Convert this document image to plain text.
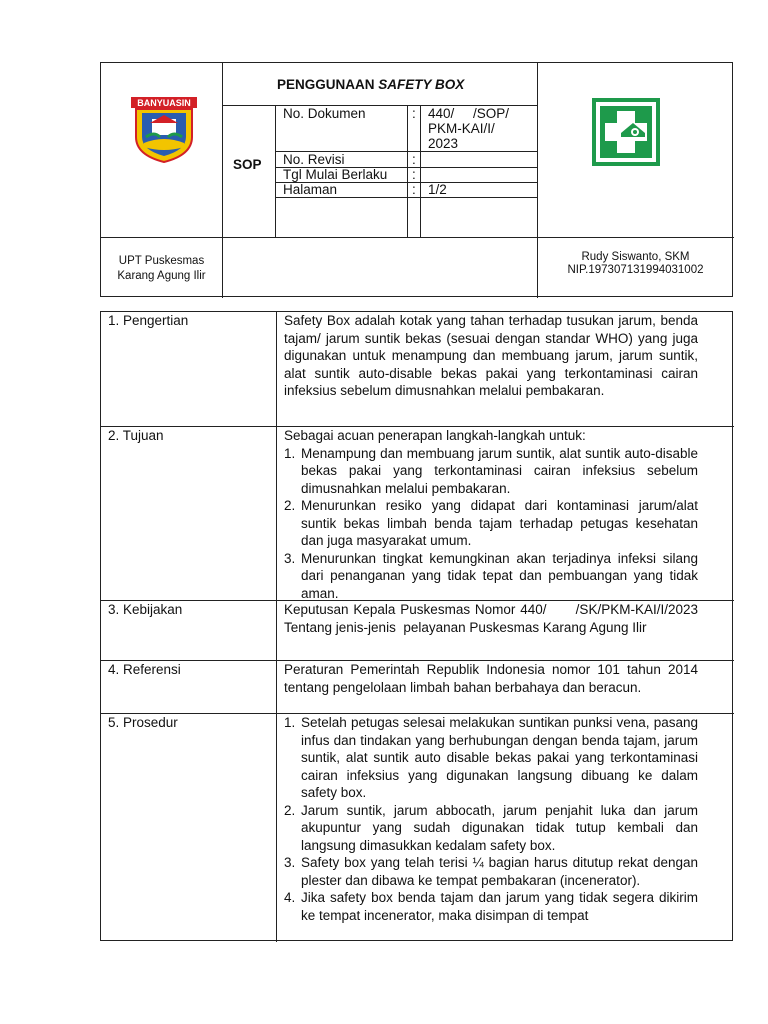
BANYUASIN
PENGGUNAAN SAFETY BOX
SOP
No. Dokumen	: 440/     /SOP/
PKM-KAI/I/
2023
No. Revisi	:
Tgl Mulai Berlaku :
Halaman	: 1/2
UPT Puskesmas
Karang Agung Ilir
Rudy Siswanto, SKM
NIP.197307131994031002
1. Pengertian	Safety Box adalah kotak yang tahan terhadap tusukan jarum, benda tajam/ jarum suntik bekas (sesuai dengan standar WHO) yang juga digunakan untuk menampung dan membuang jarum, jarum suntik, alat suntik auto-disable bekas pakai yang terkontaminasi cairan infeksius sebelum dimusnahkan melalui pembakaran.
2. Tujuan	Sebagai acuan penerapan langkah-langkah untuk:
1. Menampung dan membuang jarum suntik, alat suntik auto-disable bekas pakai yang terkontaminasi cairan infeksius sebelum dimusnahkan melalui pembakaran.
2. Menurunkan resiko yang didapat dari kontaminasi jarum/alat suntik bekas limbah benda tajam terhadap petugas kesehatan dan juga masyarakat umum.
3. Menurunkan tingkat kemungkinan akan terjadinya infeksi silang dari penanganan yang tidak tepat dan pembuangan yang tidak aman.
3. Kebijakan	Keputusan Kepala Puskesmas Nomor 440/      /SK/PKM-KAI/I/2023 Tentang jenis-jenis  pelayanan Puskesmas Karang Agung Ilir
4. Referensi	Peraturan Pemerintah Republik Indonesia nomor 101 tahun 2014 tentang pengelolaan limbah bahan berbahaya dan beracun.
5. Prosedur	1. Setelah petugas selesai melakukan suntikan punksi vena, pasang infus dan tindakan yang berhubungan dengan benda tajam, jarum suntik, alat suntik auto disable bekas pakai yang terkontaminasi cairan infeksius yang digunakan langsung dibuang ke dalam safety box.
2. Jarum suntik, jarum abbocath, jarum penjahit luka dan jarum akupuntur yang sudah digunakan tidak tutup kembali dan langsung dimasukkan kedalam safety box.
3. Safety box yang telah terisi ¼ bagian harus ditutup rekat dengan plester dan dibawa ke tempat pembakaran (incenerator).
4. Jika safety box benda tajam dan jarum yang tidak segera dikirim ke tempat incenerator, maka disimpan di tempat
